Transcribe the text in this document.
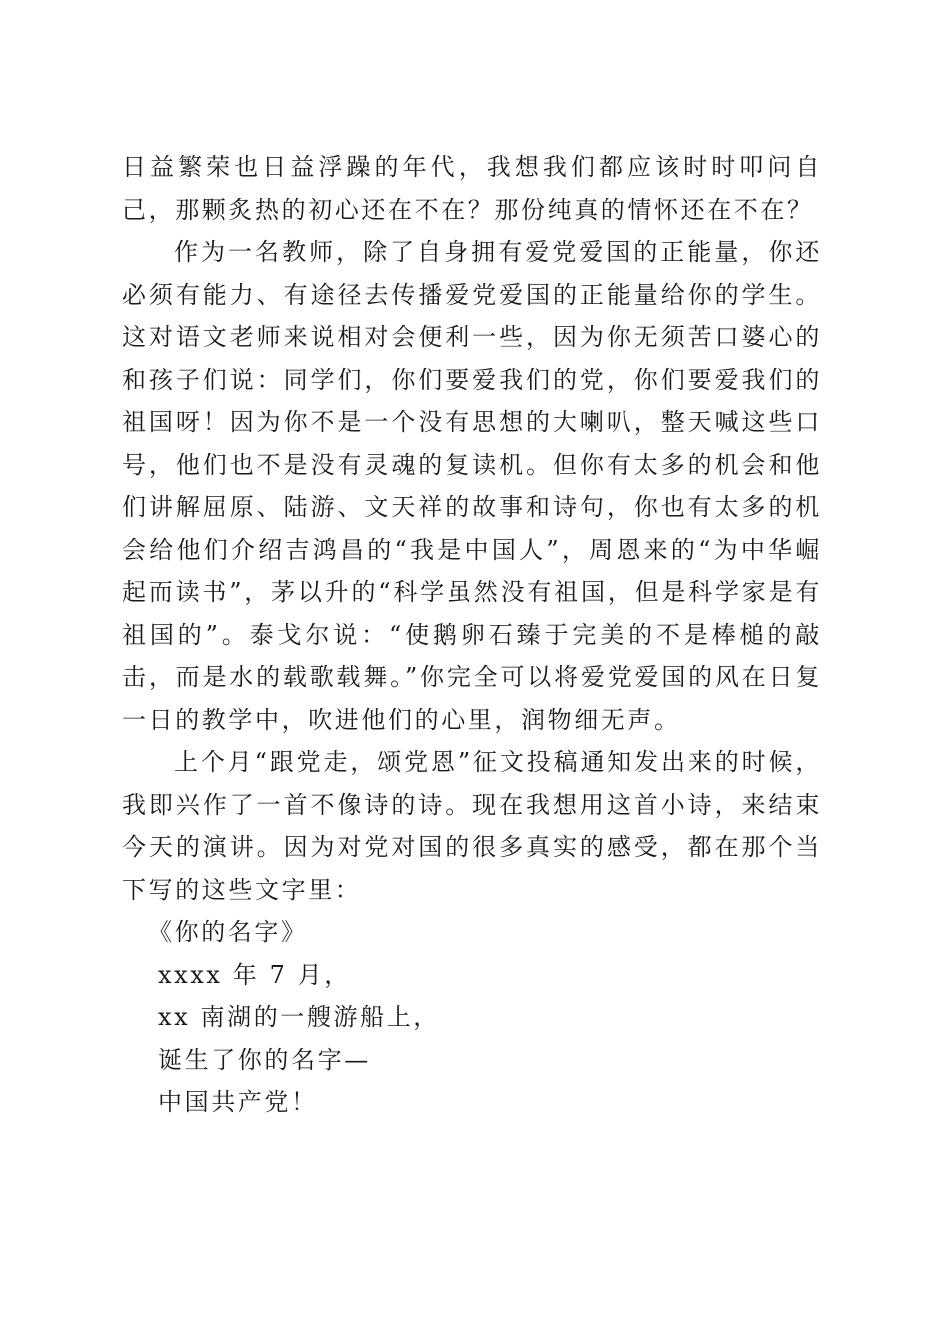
日益繁荣也日益浮躁的年代，我想我们都应该时时叩问自己，那颗炙热的初心还在不在？那份纯真的情怀还在不在？

作为一名教师，除了自身拥有爱党爱国的正能量，你还必须有能力、有途径去传播爱党爱国的正能量给你的学生。这对语文老师来说相对会便利一些，因为你无须苦口婆心的和孩子们说：同学们，你们要爱我们的党，你们要爱我们的祖国呀！因为你不是一个没有思想的大喇叭，整天喊这些口号，他们也不是没有灵魂的复读机。但你有太多的机会和他们讲解屈原、陆游、文天祥的故事和诗句，你也有太多的机会给他们介绍吉鸿昌的“我是中国人”，周恩来的“为中华崛起而读书”，茅以升的“科学虽然没有祖国，但是科学家是有祖国的”。泰戈尔说：“使鹅卵石臻于完美的不是棒槌的敲击，而是水的载歌载舞。”你完全可以将爱党爱国的风在日复一日的教学中，吹进他们的心里，润物细无声。

上个月“跟党走，颂党恩”征文投稿通知发出来的时候，我即兴作了一首不像诗的诗。现在我想用这首小诗，来结束今天的演讲。因为对党对国的很多真实的感受，都在那个当下写的这些文字里：

《你的名字》

xxxx 年 7 月，

xx 南湖的一艘游船上，

诞生了你的名字—

中国共产党！
